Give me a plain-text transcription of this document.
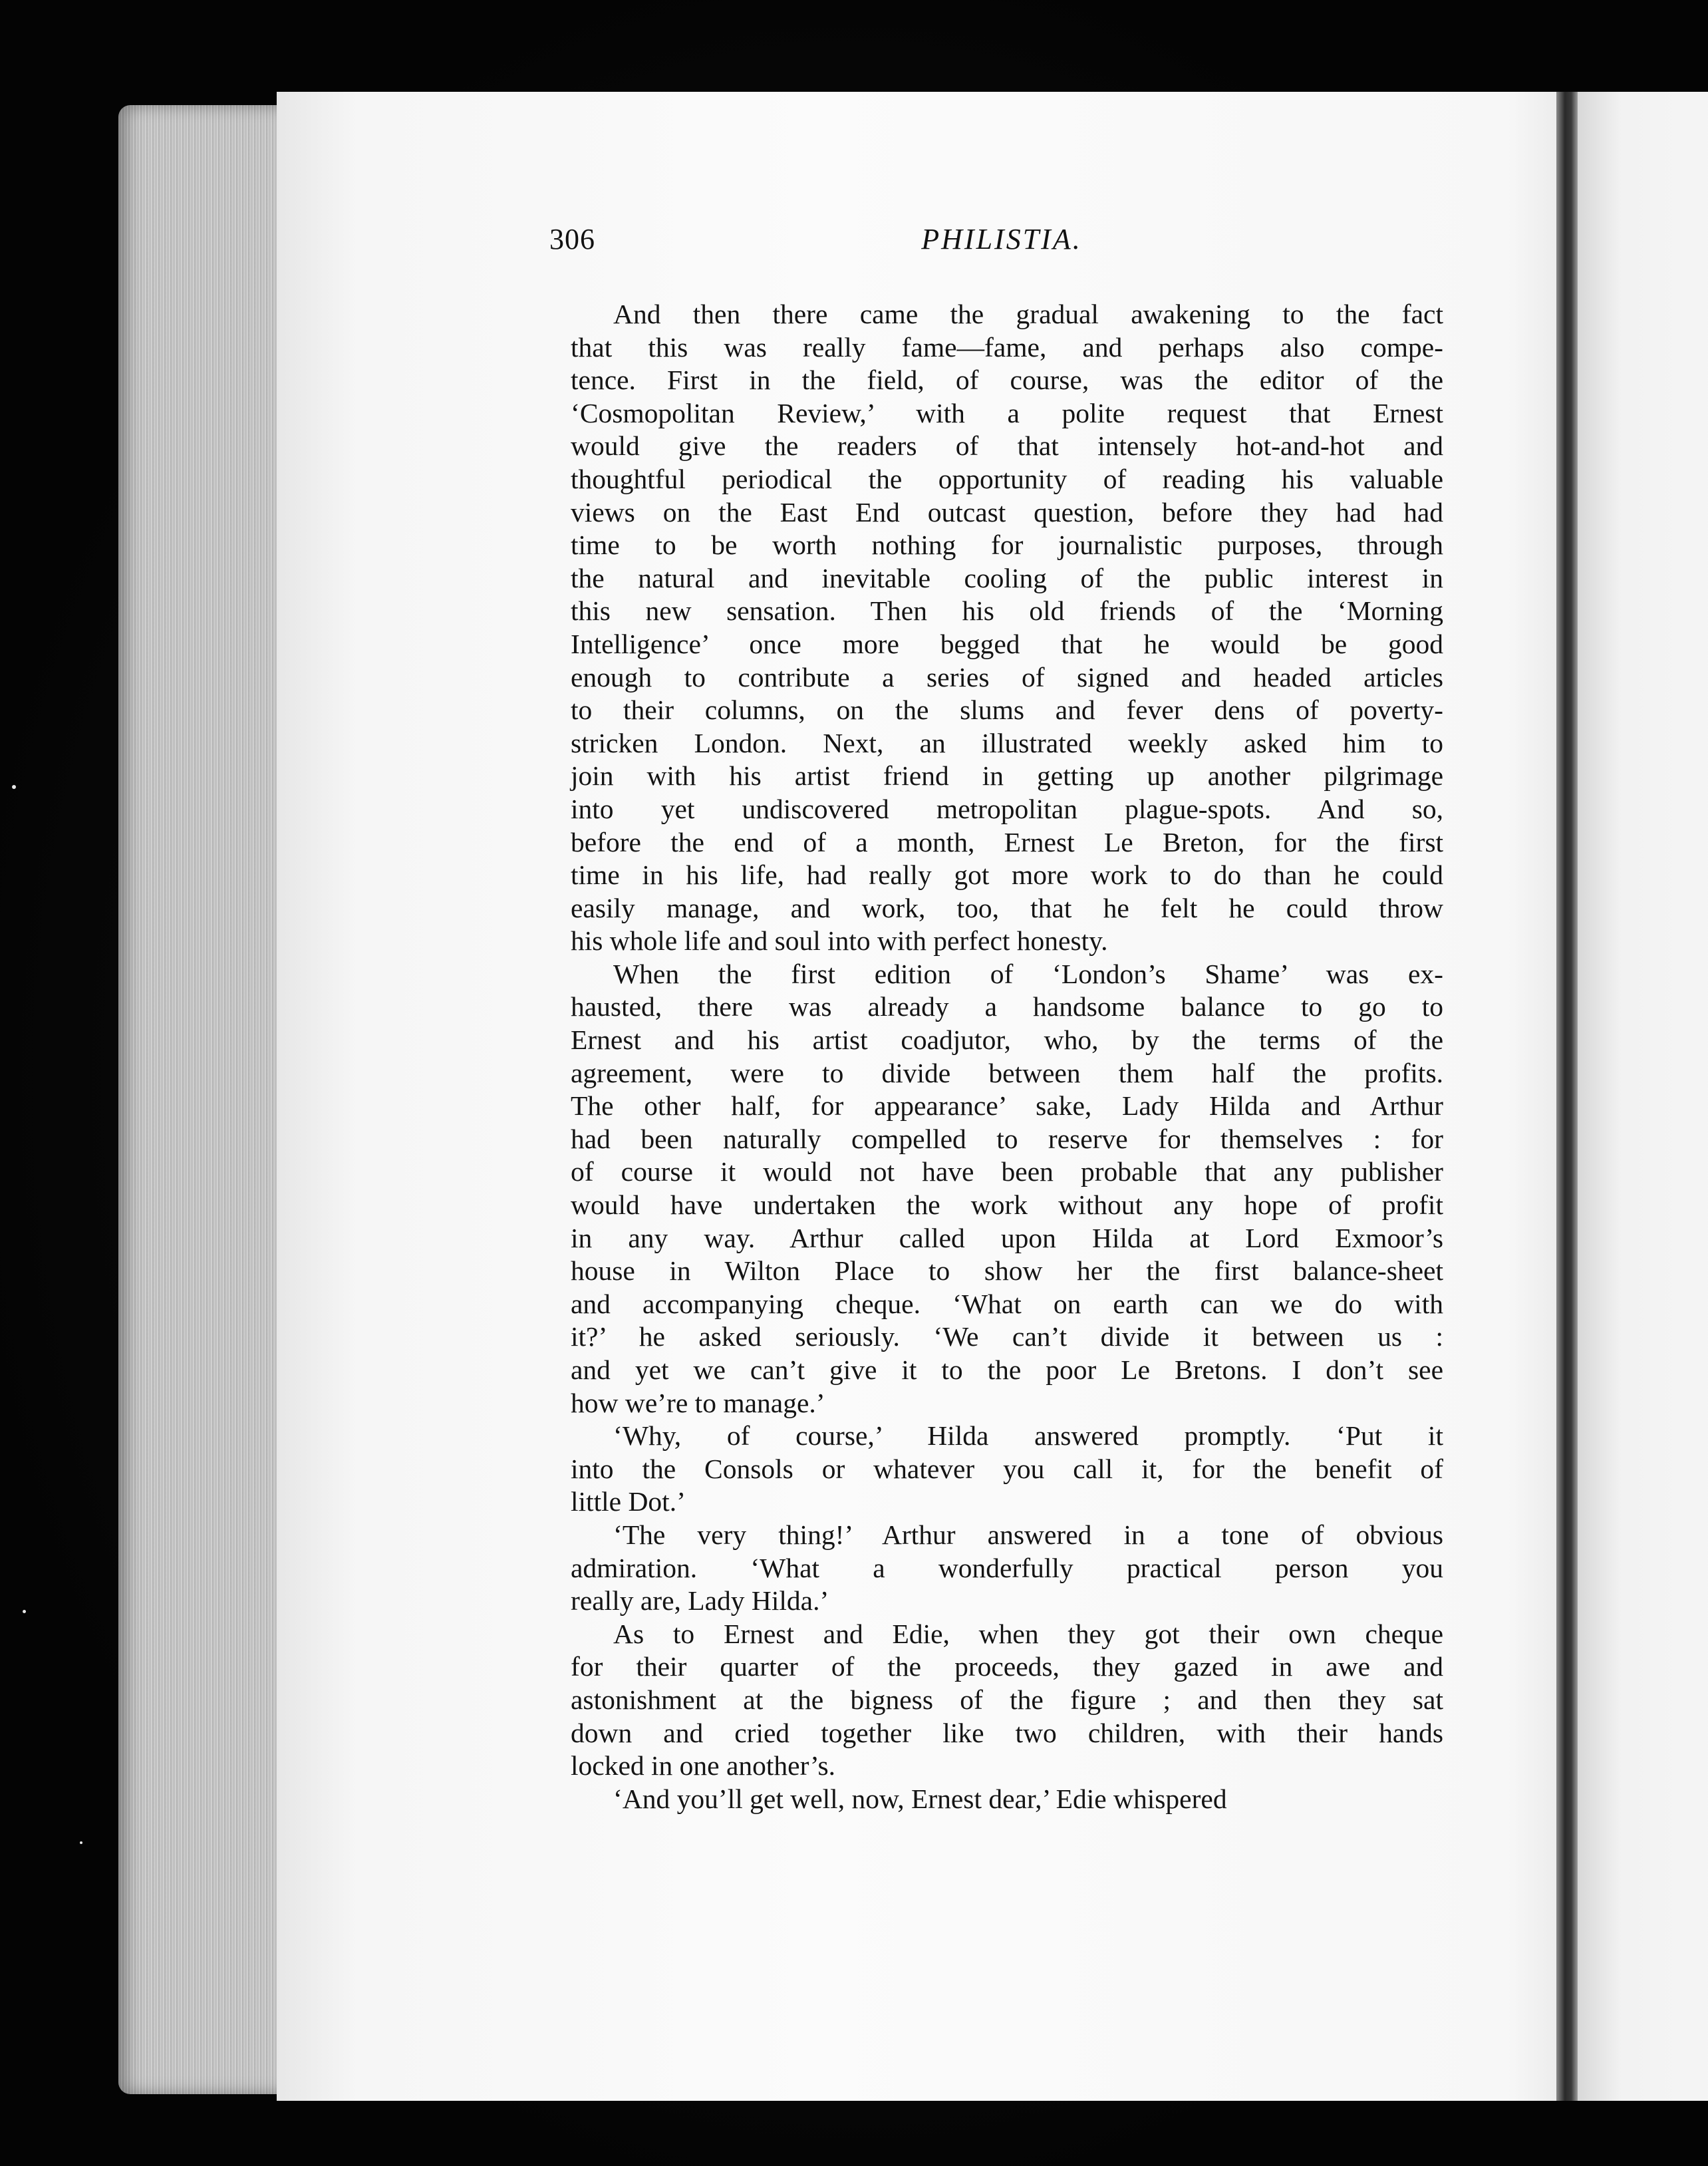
306	PHILISTIA.
And then there came the gradual awakening to the fact
that this was really fame—fame, and perhaps also compe-
tence. First in the field, of course, was the editor of the
‘Cosmopolitan Review,’ with a polite request that Ernest
would give the readers of that intensely hot-and-hot and
thoughtful periodical the opportunity of reading his valuable
views on the East End outcast question, before they had had
time to be worth nothing for journalistic purposes, through
the natural and inevitable cooling of the public interest in
this new sensation. Then his old friends of the ‘Morning
Intelligence’ once more begged that he would be good
enough to contribute a series of signed and headed articles
to their columns, on the slums and fever dens of poverty-
stricken London. Next, an illustrated weekly asked him to
join with his artist friend in getting up another pilgrimage
into yet undiscovered metropolitan plague-spots. And so,
before the end of a month, Ernest Le Breton, for the first
time in his life, had really got more work to do than he could
easily manage, and work, too, that he felt he could throw
his whole life and soul into with perfect honesty.
When the first edition of ‘London’s Shame’ was ex-
hausted, there was already a handsome balance to go to
Ernest and his artist coadjutor, who, by the terms of the
agreement, were to divide between them half the profits.
The other half, for appearance’ sake, Lady Hilda and Arthur
had been naturally compelled to reserve for themselves : for
of course it would not have been probable that any publisher
would have undertaken the work without any hope of profit
in any way. Arthur called upon Hilda at Lord Exmoor’s
house in Wilton Place to show her the first balance-sheet
and accompanying cheque. ‘What on earth can we do with
it?’ he asked seriously. ‘We can’t divide it between us :
and yet we can’t give it to the poor Le Bretons. I don’t see
how we’re to manage.’
‘Why, of course,’ Hilda answered promptly. ‘Put it
into the Consols or whatever you call it, for the benefit of
little Dot.’
‘The very thing!’ Arthur answered in a tone of obvious
admiration. ‘What a wonderfully practical person you
really are, Lady Hilda.’
As to Ernest and Edie, when they got their own cheque
for their quarter of the proceeds, they gazed in awe and
astonishment at the bigness of the figure ; and then they sat
down and cried together like two children, with their hands
locked in one another’s.
‘And you’ll get well, now, Ernest dear,’ Edie whispered
